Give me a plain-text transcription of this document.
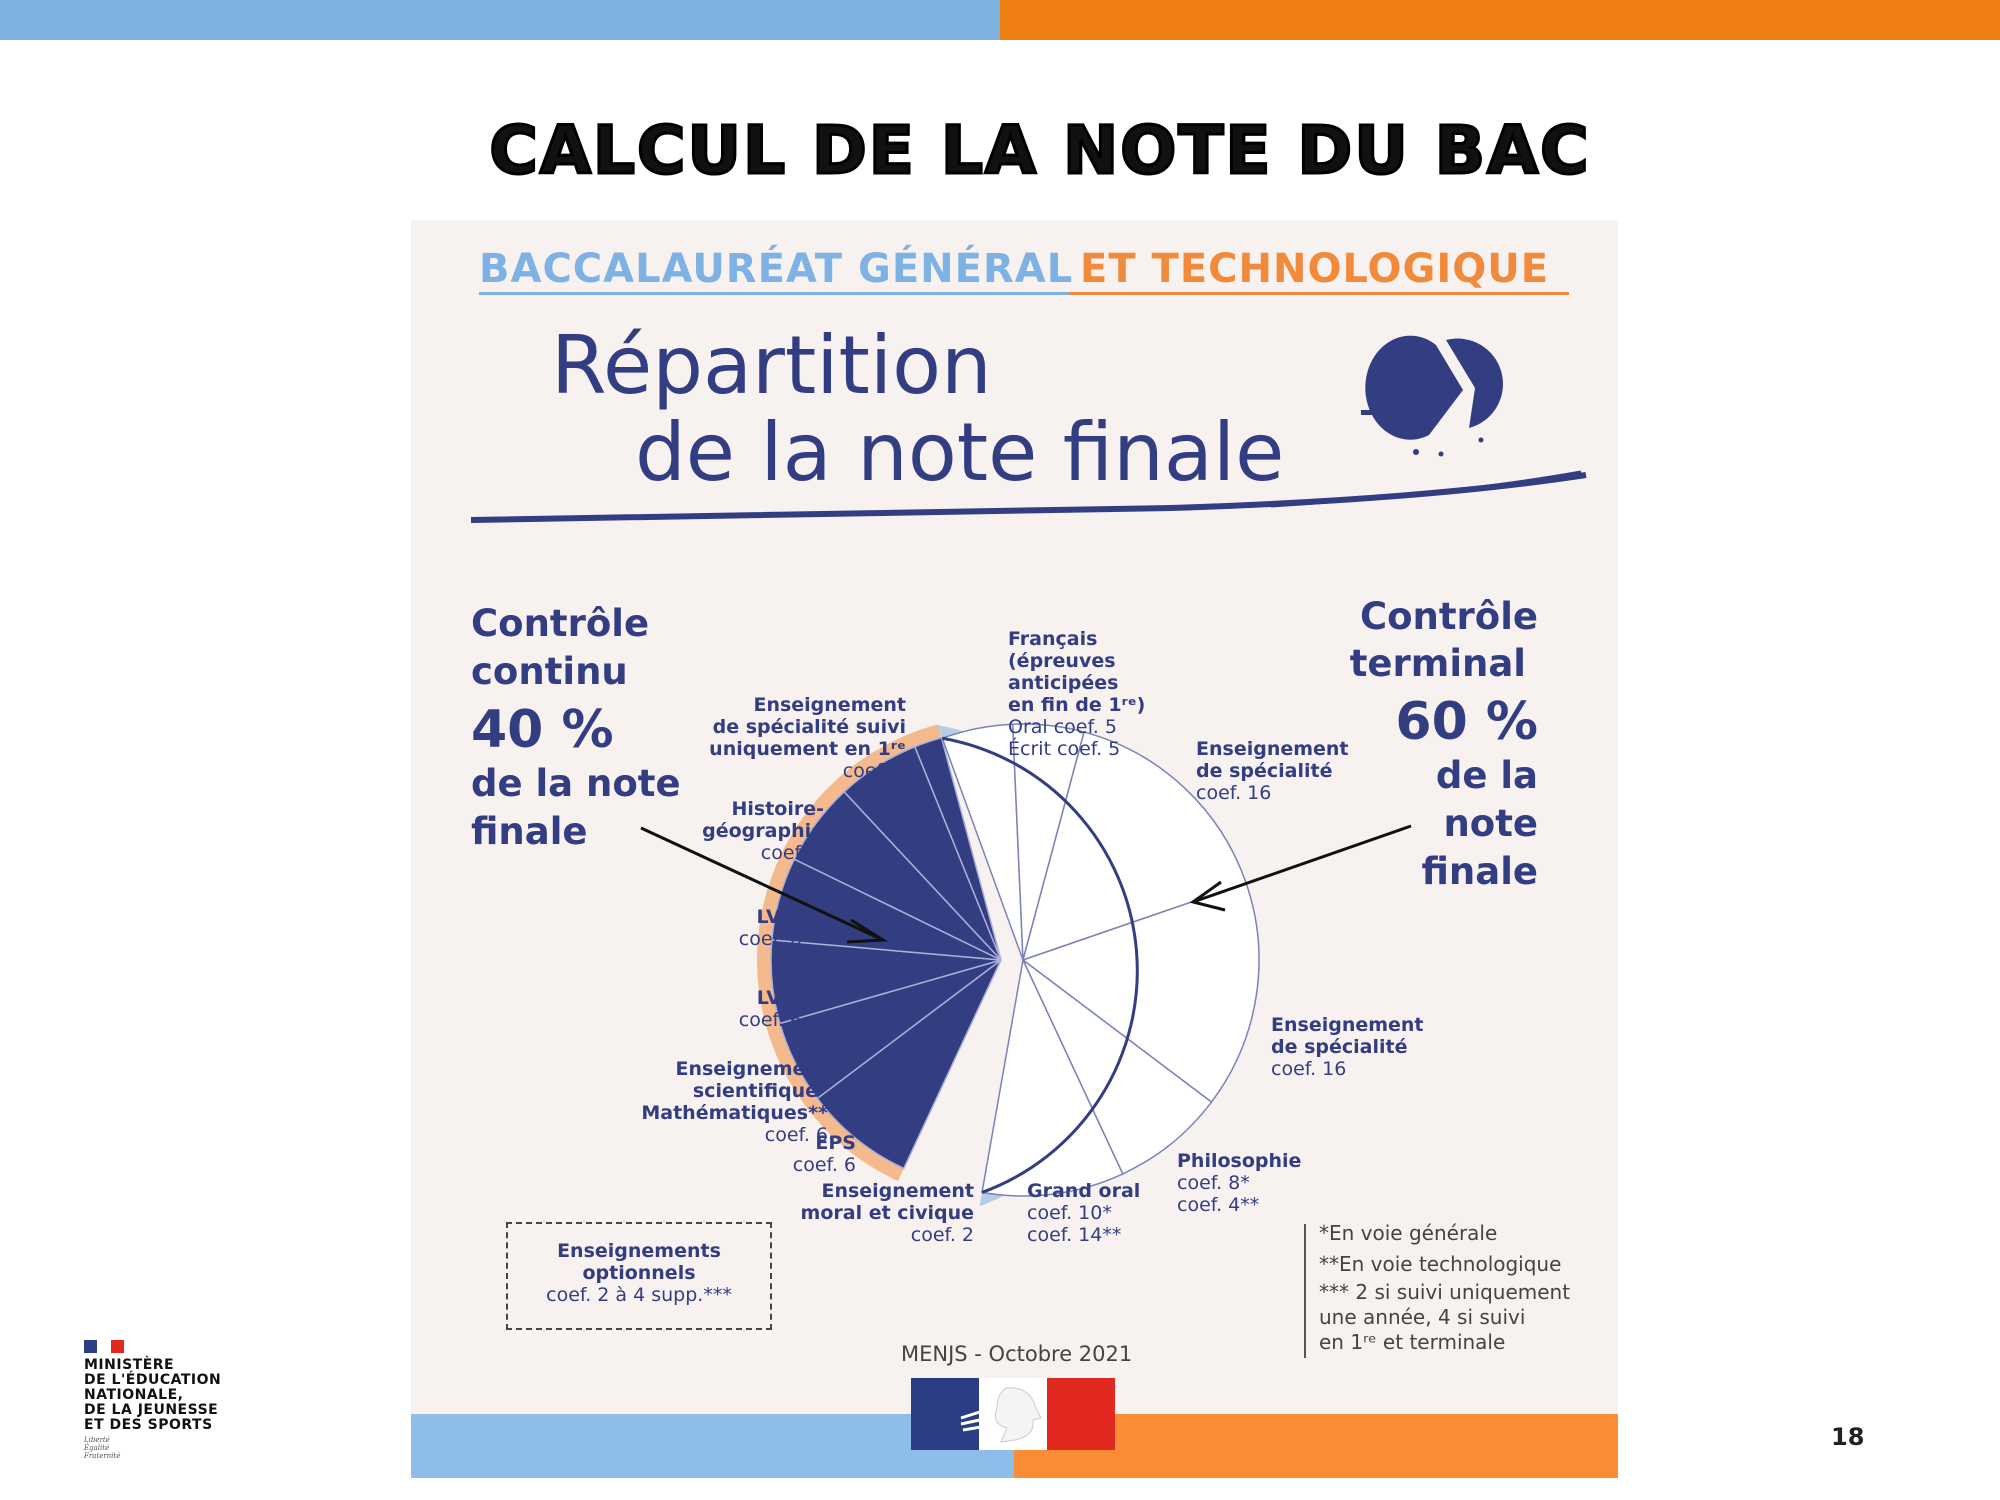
CALCUL DE LA NOTE DU BAC
BACCALAURÉAT GÉNÉRAL ET TECHNOLOGIQUE
Répartition
de la note finale
Contrôle
continu
40 %
de la note
finale
Contrôle
terminal
60 %
de la
note
finale
Enseignement
de spécialité suivi
uniquement en 1ʳᵉ
coef. 8
Histoire-
géographie
coef. 6
LV A
coef. 6
LV B
coef. 6
Enseignement
scientifique*
Mathématiques**
coef. 6
EPS
coef. 6
Enseignement
moral et civique
coef. 2
Français
(épreuves
anticipées
en fin de 1ʳᵉ)
Oral coef. 5
Écrit coef. 5	Enseignement
de spécialité
coef. 16
Enseignement
de spécialité
coef. 16
Philosophie
coef. 8*
coef. 4**
Grand oral
coef. 10*
coef. 14**
Enseignements
optionnels
coef. 2 à 4 supp.***
*En voie générale
**En voie technologique
*** 2 si suivi uniquement
une année, 4 si suivi
en 1ʳᵉ et terminale
MENJS - Octobre 2021
MINISTÈRE
DE L'ÉDUCATION
NATIONALE,
DE LA JEUNESSE
ET DES SPORTS
Liberté
Égalité
Fraternité
18
